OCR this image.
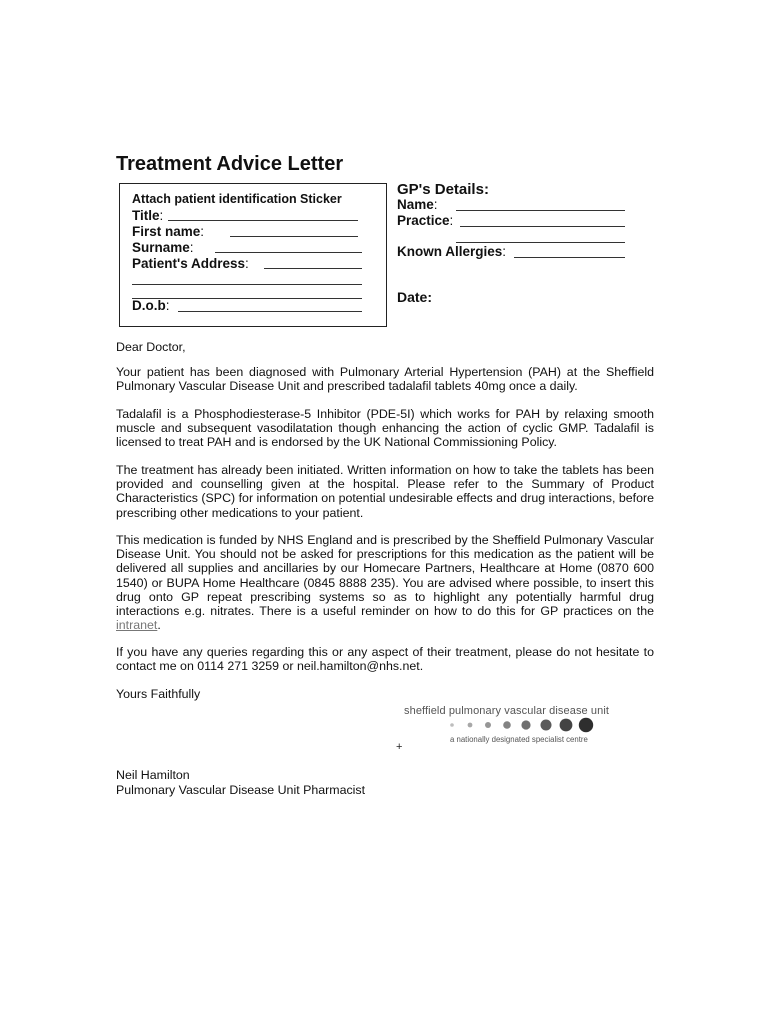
Treatment Advice Letter
Attach patient identification Sticker
Title:
First name:
Surname:
Patient's Address:
D.o.b:
GP's Details:
Name:
Practice:
Known Allergies:
Date:
Dear Doctor,
Your patient has been diagnosed with Pulmonary Arterial Hypertension (PAH) at the Sheffield Pulmonary Vascular Disease Unit and prescribed tadalafil tablets 40mg once a daily.
Tadalafil is a Phosphodiesterase-5 Inhibitor (PDE-5I) which works for PAH by relaxing smooth muscle and subsequent vasodilatation though enhancing the action of cyclic GMP. Tadalafil is licensed to treat PAH and is endorsed by the UK National Commissioning Policy.
The treatment has already been initiated. Written information on how to take the tablets has been provided and counselling given at the hospital. Please refer to the Summary of Product Characteristics (SPC) for information on potential undesirable effects and drug interactions, before prescribing other medications to your patient.
This medication is funded by NHS England and is prescribed by the Sheffield Pulmonary Vascular Disease Unit. You should not be asked for prescriptions for this medication as the patient will be delivered all supplies and ancillaries by our Homecare Partners, Healthcare at Home (0870 600 1540) or BUPA Home Healthcare (0845 8888 235). You are advised where possible, to insert this drug onto GP repeat prescribing systems so as to highlight any potentially harmful drug interactions e.g. nitrates. There is a useful reminder on how to do this for GP practices on the intranet.
If you have any queries regarding this or any aspect of their treatment, please do not hesitate to contact me on 0114 271 3259 or neil.hamilton@nhs.net.
Yours Faithfully
sheffield pulmonary vascular disease unit
a nationally designated specialist centre
+
Neil Hamilton
Pulmonary Vascular Disease Unit Pharmacist
